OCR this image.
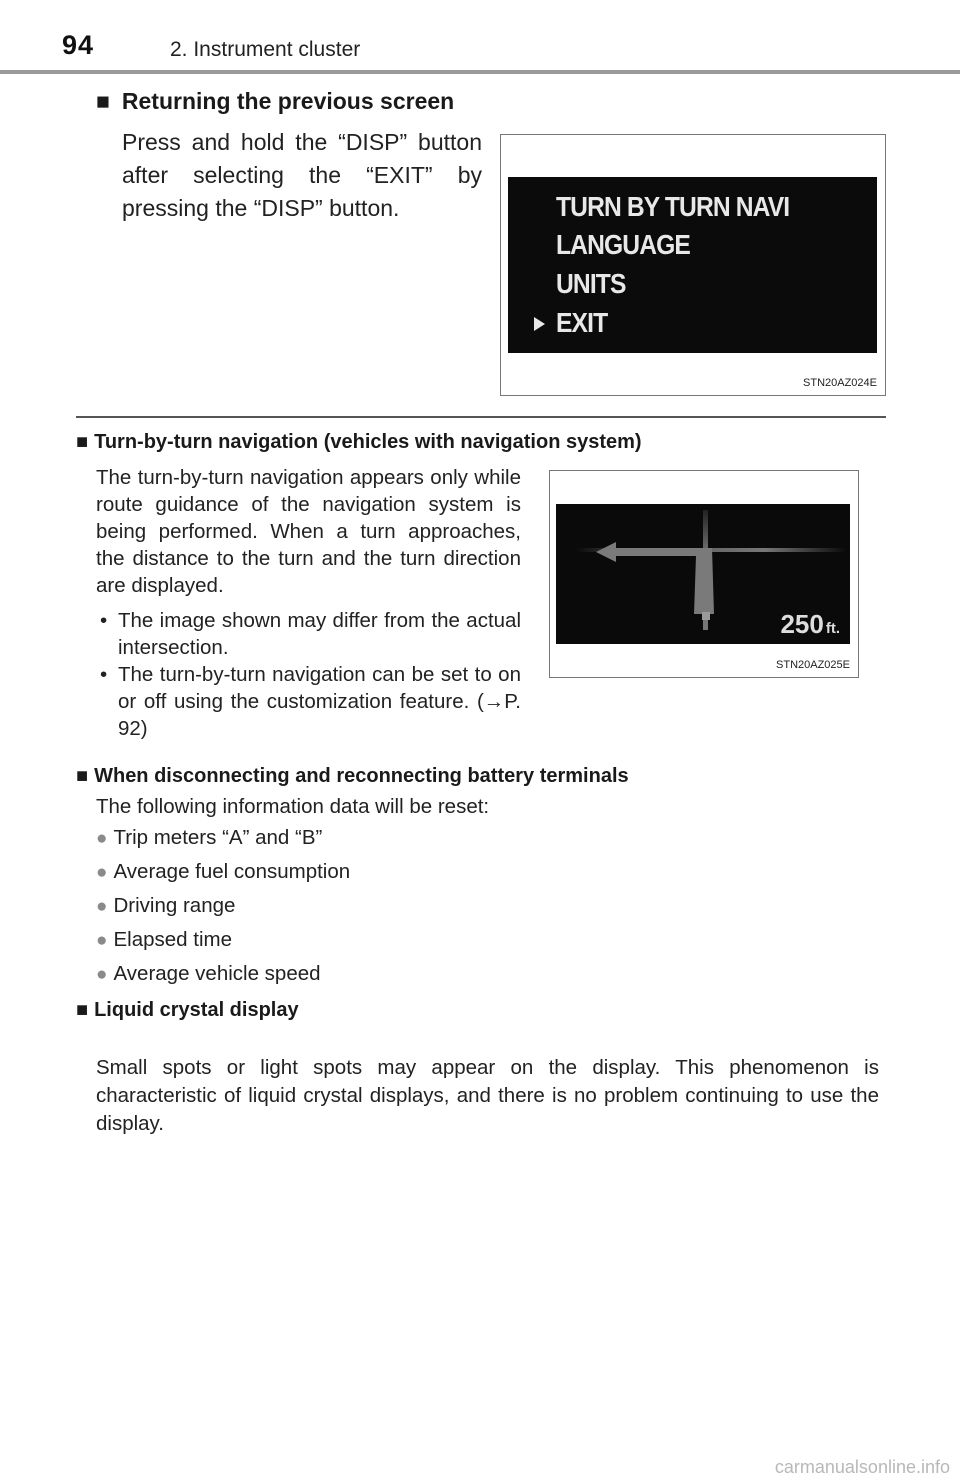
94	2. Instrument cluster
■ Returning the previous screen
Press and hold the “DISP” button after selecting the “EXIT” by pressing the “DISP” button.	TURN BY TURN NAVI
LANGUAGE
UNITS
EXIT
STN20AZ024E
■ Turn-by-turn navigation (vehicles with navigation system)

The turn-by-turn navigation appears only while route guidance of the navigation system is being performed. When a turn approaches, the distance to the turn and the turn direction are displayed.

• The image shown may differ from the actual intersection.
• The turn-by-turn navigation can be set to on or off using the customization feature. (→P. 92)
250 ft.
STN20AZ025E
■ When disconnecting and reconnecting battery terminals
The following information data will be reset:
● Trip meters “A” and “B”
● Average fuel consumption
● Driving range
● Elapsed time
● Average vehicle speed
■ Liquid crystal display
Small spots or light spots may appear on the display. This phenomenon is characteristic of liquid crystal displays, and there is no problem continuing to use the display.
carmanualsonline.info
